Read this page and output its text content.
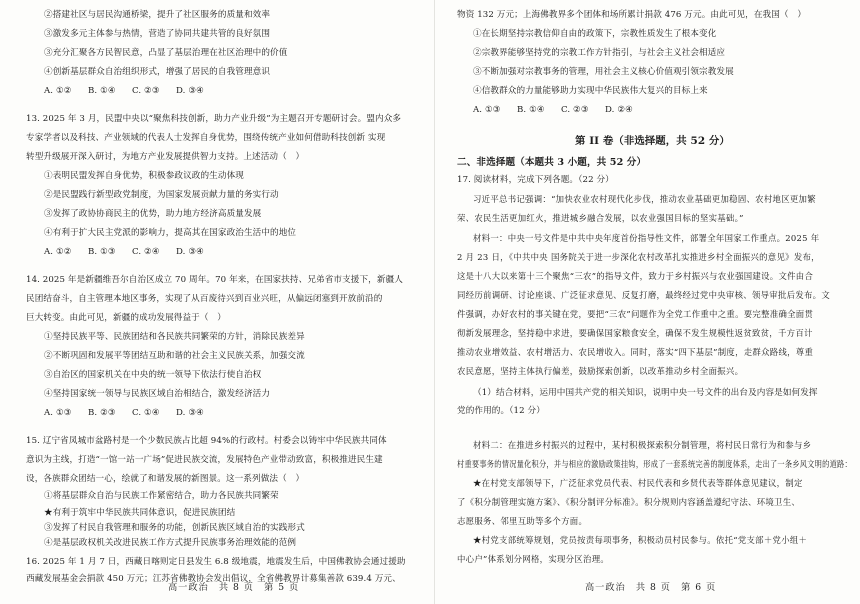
②搭建社区与居民沟通桥梁，提升了社区服务的质量和效率
③激发多元主体参与热情，营造了协同共建共管的良好氛围
③充分汇聚各方民智民意，凸显了基层治理在社区治理中的价值
④创新基层群众自治组织形式，增强了居民的自我管理意识
13. 2025 年 3 月，民盟中央以“聚焦科技创新，助力产业升级”为主题召开专题研讨会。盟内众多
专家学者以及科技、产业领域的代表人士发挥自身优势，围绕传统产业如何借助科技创新 实现
转型升级展开深入研讨，为地方产业发展提供智力支持。上述活动（　）
①表明民盟发挥自身优势，积极参政议政的生动体现
②是民盟践行新型政党制度，为国家发展贡献力量的务实行动
③发挥了政协协商民主的优势，助力地方经济高质量发展
④有利于扩大民主党派的影响力，提高其在国家政治生活中的地位
14. 2025 年是新疆维吾尔自治区成立 70 周年。70 年来，在国家扶持、兄弟省市支援下，新疆人
民团结奋斗，自主管理本地区事务，实现了从百废待兴到百业兴旺，从偏远闭塞到开放前沿的
巨大转变。由此可见，新疆的成功发展得益于（　）
①坚持民族平等、民族团结和各民族共同繁荣的方针，消除民族差异
②不断巩固和发展平等团结互助和谐的社会主义民族关系，加强交流
③自治区的国家机关在中央的统一领导下依法行使自治权
④坚持国家统一领导与民族区域自治相结合，激发经济活力
15. 辽宁省凤城市盆路村是一个少数民族占比超 94%的行政村。村委会以铸牢中华民族共同体
意识为主线，打造“一馆一站一广场”促进民族交流，发展特色产业带动致富，积极推进民生建
设，各族群众团结一心，绘就了和谐发展的新图景。这一系列做法（　）
①将基层群众自治与民族工作紧密结合，助力各民族共同繁荣
★有利于筑牢中华民族共同体意识，促进民族团结
③发挥了村民自我管理和服务的功能，创新民族区域自治的实践形式
④是基层政权机关改进民族工作方式提升民族事务治理效能的范例
16. 2025 年 1 月 7 日，西藏日喀则定日县发生 6.8 级地震，地震发生后，中国佛教协会通过援助
西藏发展基金会捐款 450 万元；江苏省佛教协会发出倡议，全省佛教界计募集善款 639.4 万元、
A. ①② B. ①④ C. ②③ D. ③④
A. ①② B. ①③ C. ②④ D. ③④
A. ①③ B. ②③ C. ①④ D. ③④
高一政治　共 8 页　第 5 页
物资 132 万元；上海佛教界多个团体和场所累计捐款 476 万元。由此可见，在我国（　）
①在长期坚持宗教信仰自由的政策下，宗教性质发生了根本变化
②宗教界能够坚持党的宗教工作方针指引，与社会主义社会相适应
③不断加强对宗教事务的管理，用社会主义核心价值观引领宗教发展
④信教群众的力量能够助力实现中华民族伟大复兴的目标上来
A. ①③ B. ①④ C. ②③ D. ②④
习近平总书记强调：“加快农业农村现代化步伐，推动农业基础更加稳固、农村地区更加繁
荣、农民生活更加红火，推进城乡融合发展，以农业强国目标的坚实基础。”
材料一：中央一号文件是中共中央年度首份指导性文件，部署全年国家工作重点。2025 年
2 月 23 日，《中共中央 国务院关于进一步深化农村改革扎实推进乡村全面振兴的意见》发布，
这是十八大以来第十三个聚焦“三农”的指导文件，致力于乡村振兴与农业强国建设。文件由合
同经历前调研、讨论座谈、广泛征求意见、反复打磨，最终经过党中央审核、领导审批后发布。文
件强调，办好农村的事关键在党，要把“三农”问题作为全党工作重中之重。要完整准确全面贯
彻新发展理念，坚持稳中求进，要确保国家粮食安全，确保不发生规模性返贫致贫，千方百计
推动农业增效益、农村增活力、农民增收入。同时，落实“四下基层”制度，走群众路线，尊重
农民意愿，坚持主体执行偏差，鼓励探索创新，以改革推动乡村全面振兴。
（1）结合材料，运用中国共产党的相关知识，说明中央一号文件的出台及内容是如何发挥
党的作用的。（12 分）
材料二：在推进乡村振兴的过程中，某村积极探索积分制管理，将村民日常行为和参与乡
村重要事务的情况量化积分，并与相应的激励政策挂钩，形成了一套系统完善的制度体系，走出了一条乡风文明的道路：
★在村党支部领导下，广泛征求党员代表、村民代表和乡贤代表等群体意见建议，制定
了《积分制管理实施方案》、《积分制评分标准》。积分规则内容涵盖遵纪守法、环境卫生、
志愿服务、邻里互助等多个方面。
★村党支部统筹规划，党员按责每项事务，积极动员村民参与。依托“党支部＋党小组＋
中心户”体系划分网格，实现分区治理。
第 II 卷（非选择题，共 52 分）
二、非选择题（本题共 3 小题，共 52 分）
17. 阅读材料，完成下列各题。（22 分）
高一政治　共 8 页　第 6 页
